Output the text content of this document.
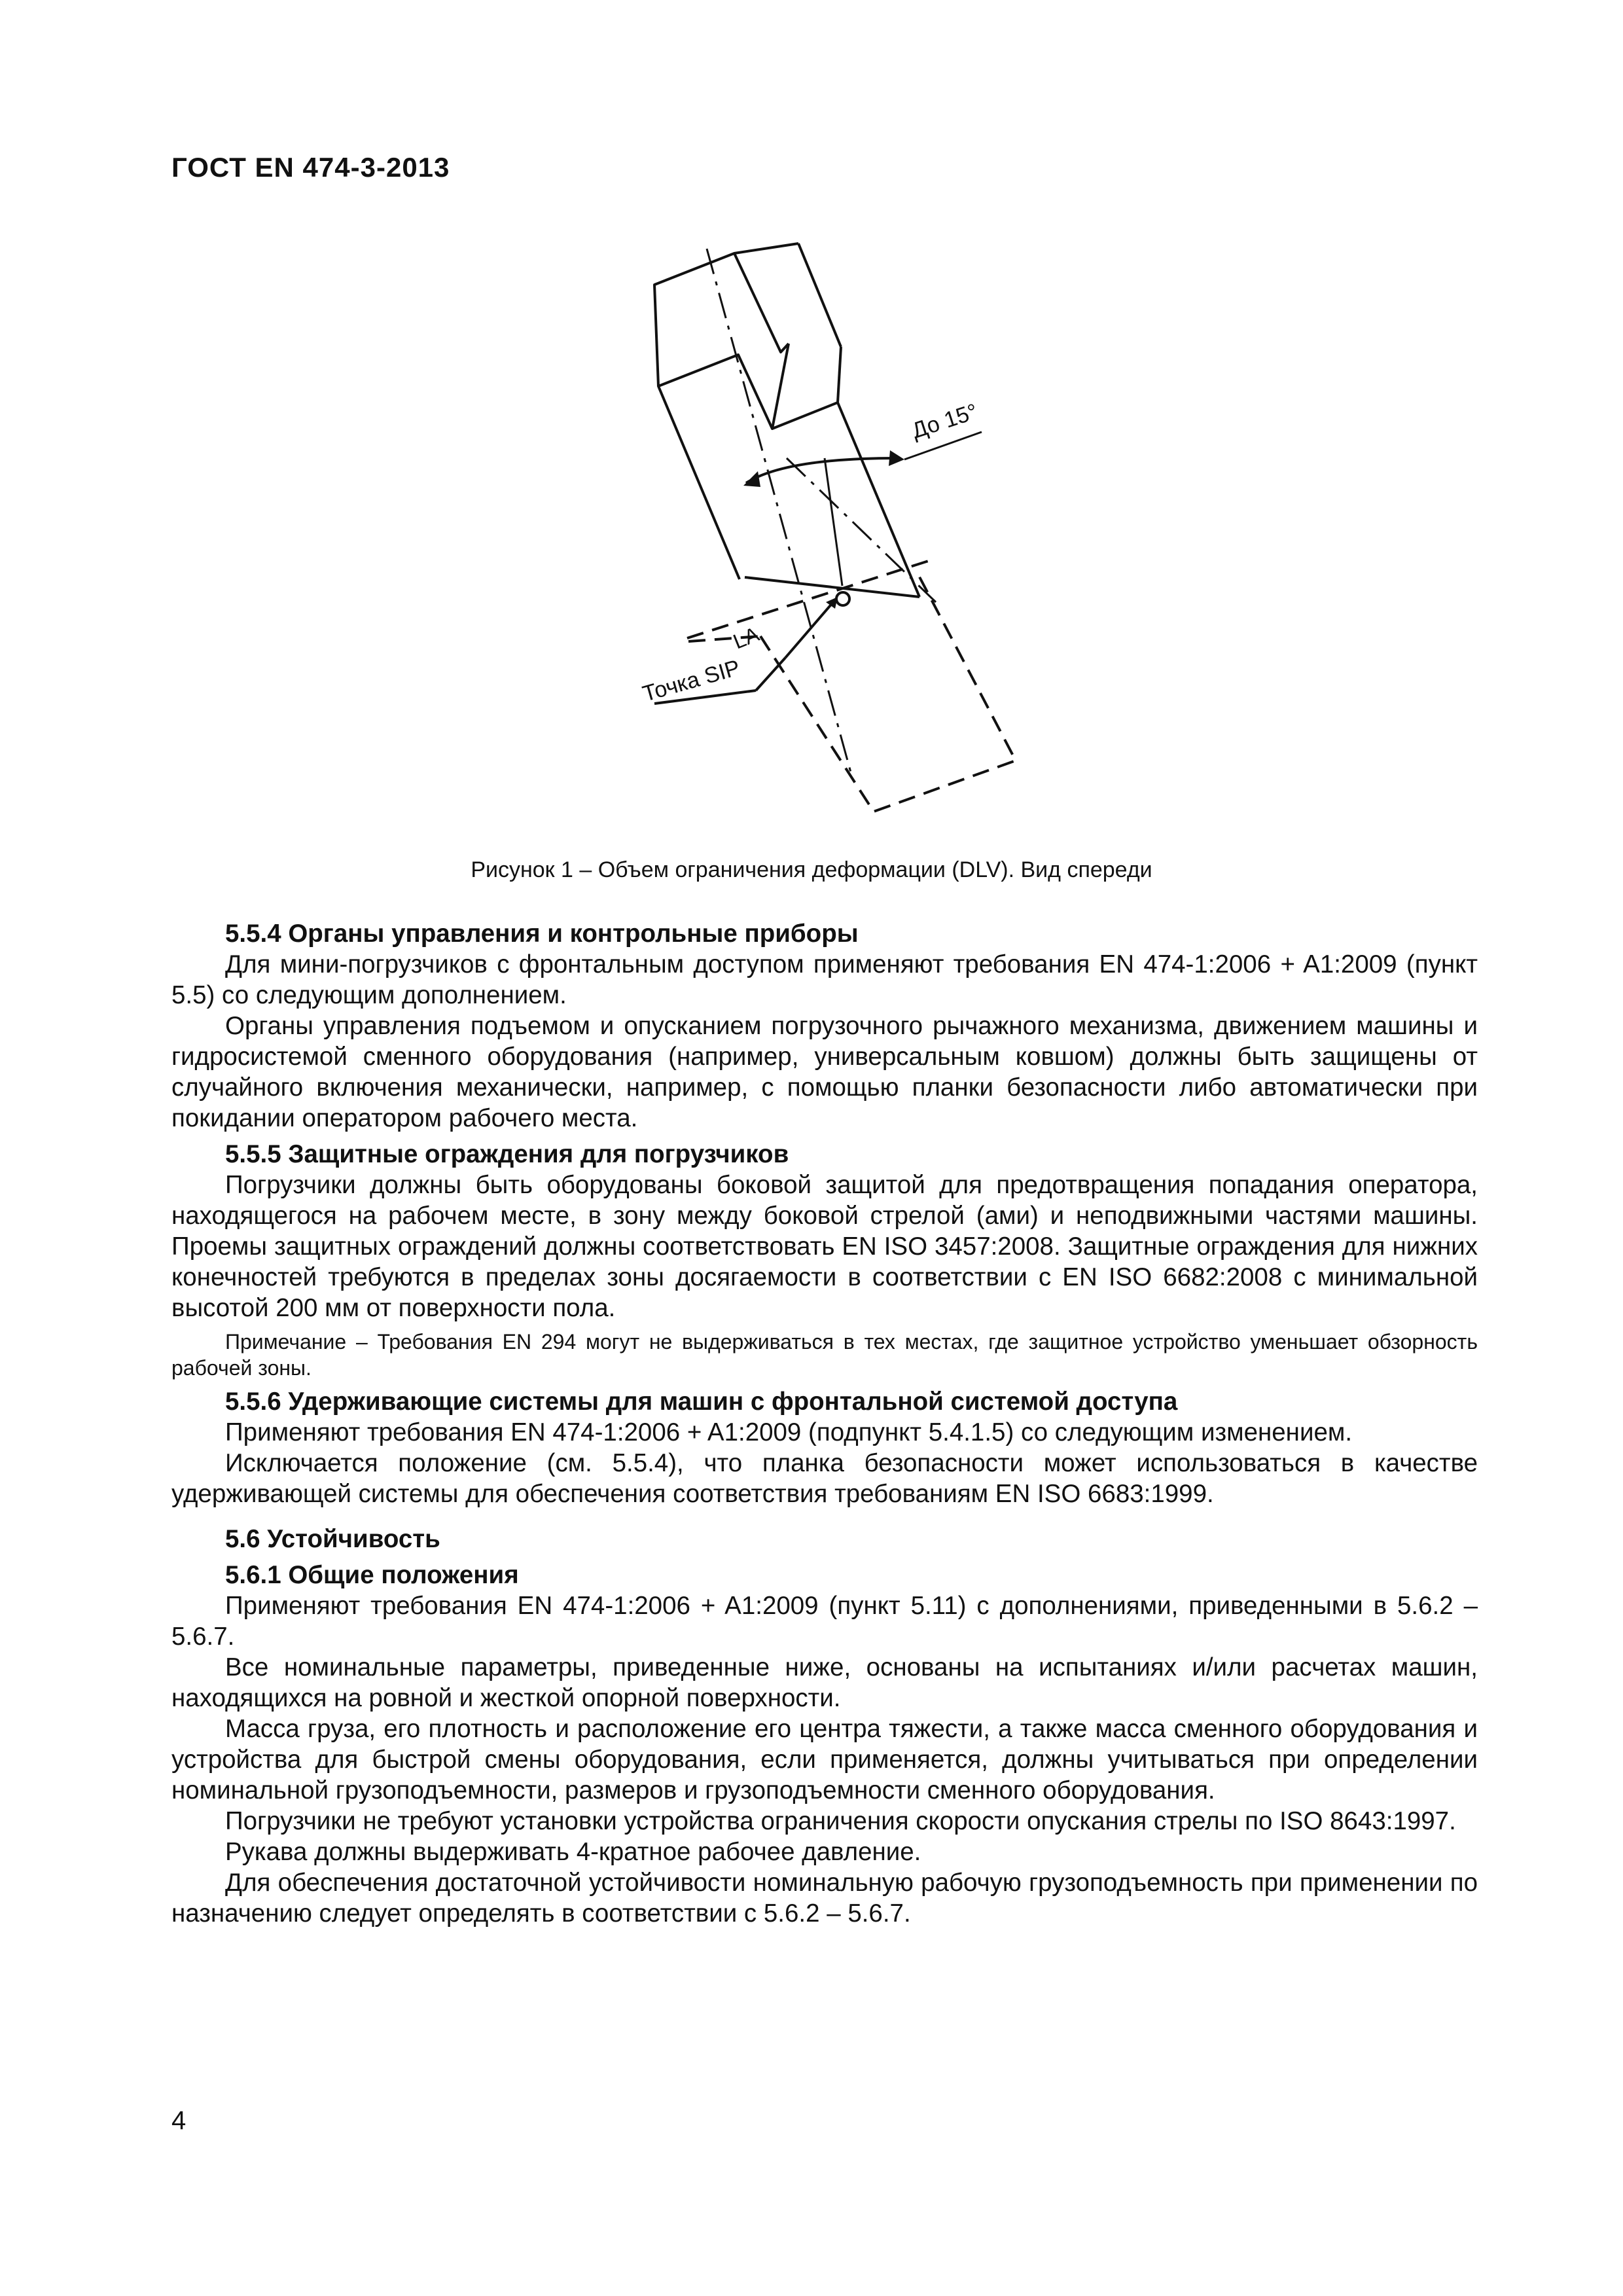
ГОСТ EN 474-3-2013
До 15°
LA
Точка SIP
Рисунок 1 – Объем ограничения деформации (DLV). Вид спереди
5.5.4 Органы управления и контрольные приборы

Для мини-погрузчиков с фронтальным доступом применяют требования EN 474-1:2006 + A1:2009 (пункт 5.5) со следующим дополнением.

Органы управления подъемом и опусканием погрузочного рычажного механизма, движением машины и гидросистемой сменного оборудования (например, универсальным ковшом) должны быть защищены от случайного включения механически, например, с помощью планки безопасности либо автоматически при покидании оператором рабочего места.

5.5.5 Защитные ограждения для погрузчиков

Погрузчики должны быть оборудованы боковой защитой для предотвращения попадания оператора, находящегося на рабочем месте, в зону между боковой стрелой (ами) и неподвижными частями машины. Проемы защитных ограждений должны соответствовать EN ISO 3457:2008. Защитные ограждения для нижних конечностей требуются в пределах зоны досягаемости в соответствии с EN ISO 6682:2008 с минимальной высотой 200 мм от поверхности пола.

Примечание – Требования EN 294 могут не выдерживаться в тех местах, где защитное устройство уменьшает обзорность рабочей зоны.

5.5.6 Удерживающие системы для машин с фронтальной системой доступа

Применяют требования EN 474-1:2006 + A1:2009 (подпункт 5.4.1.5) со следующим изменением.

Исключается положение (см. 5.5.4), что планка безопасности может использоваться в качестве удерживающей системы для обеспечения соответствия требованиям EN ISO 6683:1999.

5.6 Устойчивость
5.6.1 Общие положения

Применяют требования EN 474-1:2006 + A1:2009 (пункт 5.11) с дополнениями, приведенными в 5.6.2 – 5.6.7.

Все номинальные параметры, приведенные ниже, основаны на испытаниях и/или расчетах машин, находящихся на ровной и жесткой опорной поверхности.

Масса груза, его плотность и расположение его центра тяжести, а также масса сменного оборудования и устройства для быстрой смены оборудования, если применяется, должны учитываться при определении номинальной грузоподъемности, размеров и грузоподъемности сменного оборудования.

Погрузчики не требуют установки устройства ограничения скорости опускания стрелы по ISO 8643:1997.

Рукава должны выдерживать 4-кратное рабочее давление.

Для обеспечения достаточной устойчивости номинальную рабочую грузоподъемность при применении по назначению следует определять в соответствии с 5.6.2 – 5.6.7.

4
